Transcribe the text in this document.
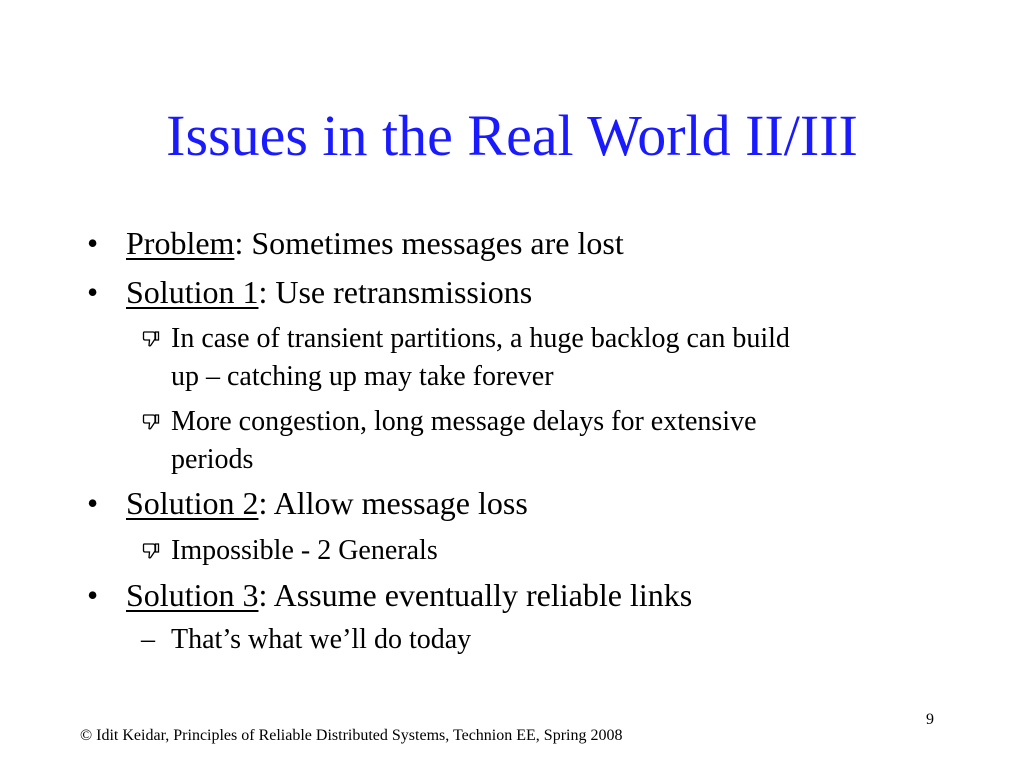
Issues in the Real World II/III
• Problem: Sometimes messages are lost
• Solution 1: Use retransmissions
In case of transient partitions, a huge backlog can build
up – catching up may take forever
More congestion, long message delays for extensive
periods
• Solution 2: Allow message loss
Impossible - 2 Generals
• Solution 3: Assume eventually reliable links
– That’s what we’ll do today
9
© Idit Keidar, Principles of Reliable Distributed Systems, Technion EE, Spring 2008
